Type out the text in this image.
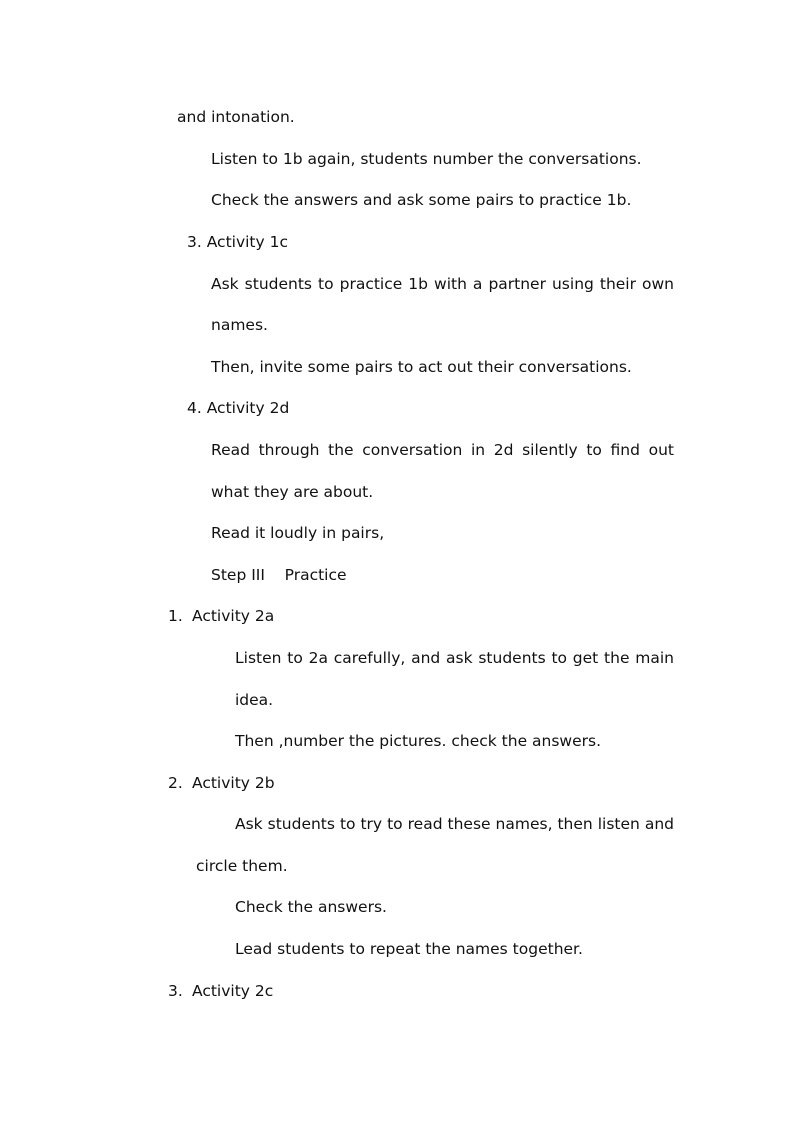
and intonation.
Listen to 1b again, students number the conversations.
Check the answers and ask some pairs to practice 1b.
3. Activity 1c
Ask students to practice 1b with a partner using their own
names.
Then, invite some pairs to act out their conversations.
4. Activity 2d
Read through the conversation in 2d silently to find out
what they are about.
Read it loudly in pairs,
Step III    Practice
1. Activity 2a
Listen to 2a carefully, and ask students to get the main
idea.
Then ,number the pictures. check the answers.
2. Activity 2b
Ask students to try to read these names, then listen and
circle them.
Check the answers.
Lead students to repeat the names together.
3. Activity 2c
